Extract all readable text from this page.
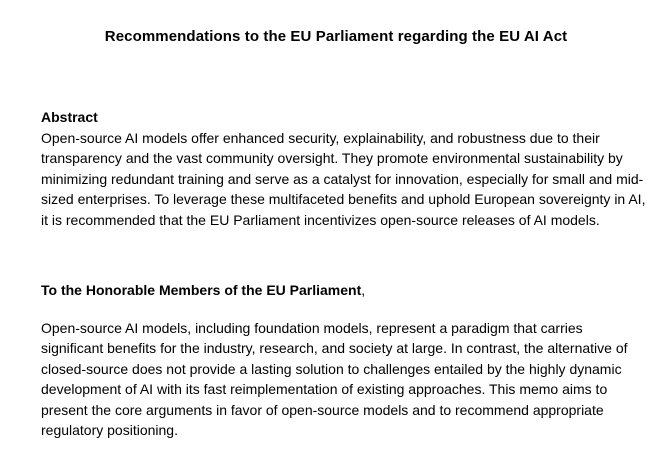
Recommendations to the EU Parliament regarding the EU AI Act
Abstract

Open-source AI models offer enhanced security, explainability, and robustness due to their transparency and the vast community oversight. They promote environmental sustainability by minimizing redundant training and serve as a catalyst for innovation, especially for small and mid-sized enterprises. To leverage these multifaceted benefits and uphold European sovereignty in AI, it is recommended that the EU Parliament incentivizes open-source releases of AI models.

To the Honorable Members of the EU Parliament,

Open-source AI models, including foundation models, represent a paradigm that carries significant benefits for the industry, research, and society at large. In contrast, the alternative of closed-source does not provide a lasting solution to challenges entailed by the highly dynamic development of AI with its fast reimplementation of existing approaches. This memo aims to present the core arguments in favor of open-source models and to recommend appropriate regulatory positioning.
